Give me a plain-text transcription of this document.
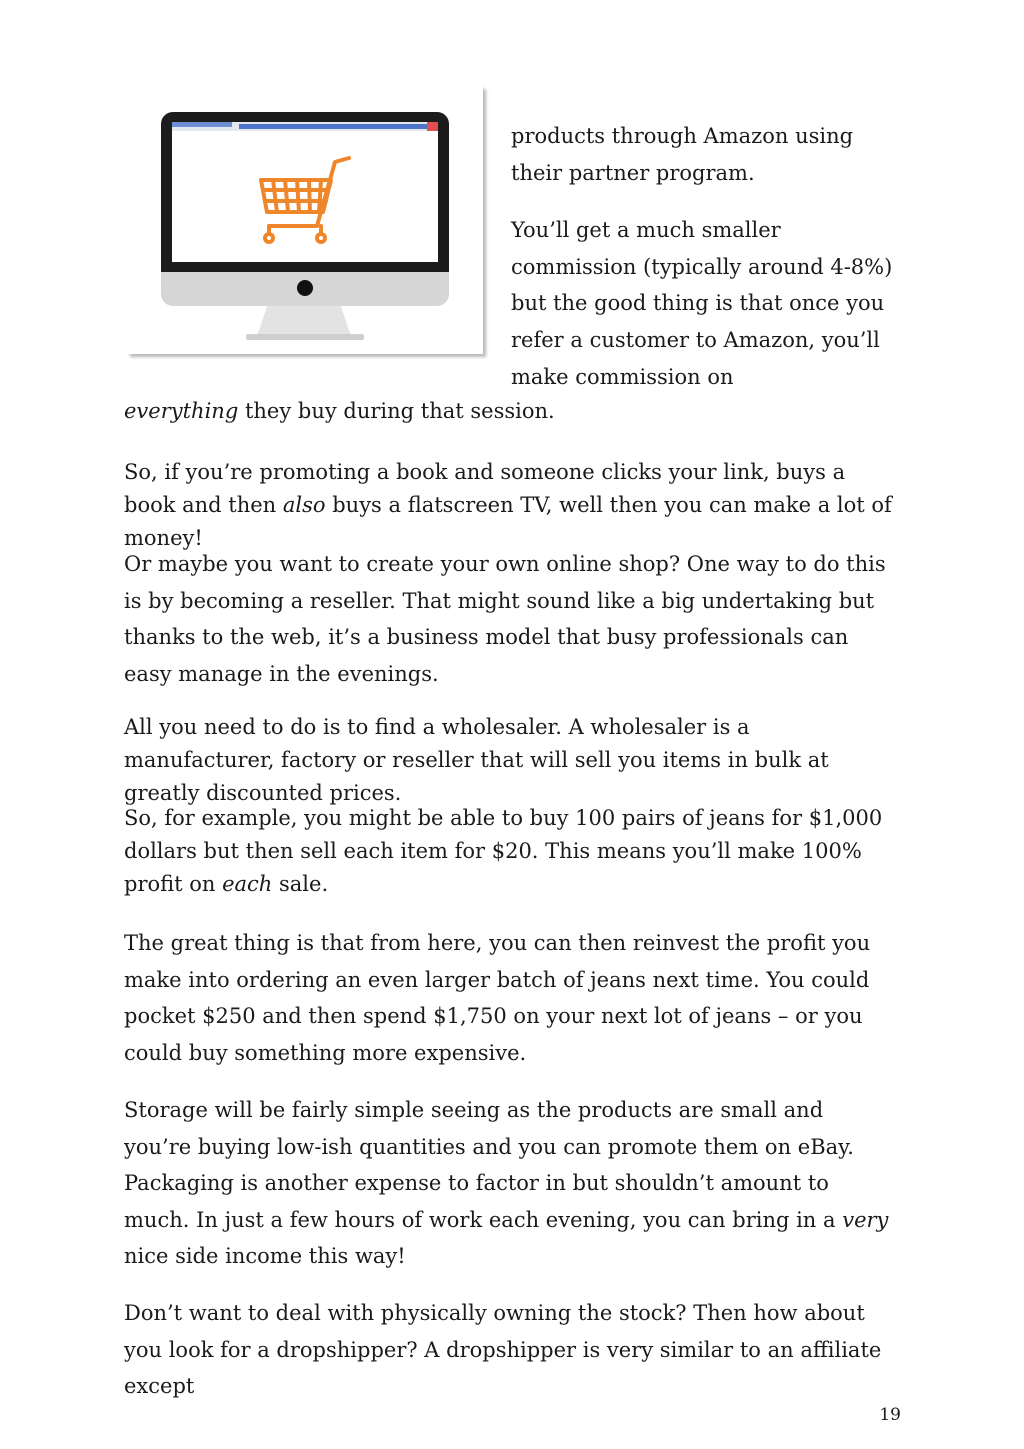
products through Amazon using their partner program.

You’ll get a much smaller commission (typically around 4-8%) but the good thing is that once you refer a customer to Amazon, you’ll make commission on

everything they buy during that session.

So, if you’re promoting a book and someone clicks your link, buys a book and then also buys a flatscreen TV, well then you can make a lot of money!

Or maybe you want to create your own online shop? One way to do this is by becoming a reseller. That might sound like a big undertaking but thanks to the web, it’s a business model that busy professionals can easy manage in the evenings.

All you need to do is to find a wholesaler. A wholesaler is a manufacturer, factory or reseller that will sell you items in bulk at greatly discounted prices.

So, for example, you might be able to buy 100 pairs of jeans for $1,000 dollars but then sell each item for $20. This means you’ll make 100% profit on each sale.

The great thing is that from here, you can then reinvest the profit you make into ordering an even larger batch of jeans next time. You could pocket $250 and then spend $1,750 on your next lot of jeans – or you could buy something more expensive.

Storage will be fairly simple seeing as the products are small and you’re buying low-ish quantities and you can promote them on eBay. Packaging is another expense to factor in but shouldn’t amount to much. In just a few hours of work each evening, you can bring in a very nice side income this way!

Don’t want to deal with physically owning the stock? Then how about you look for a dropshipper? A dropshipper is very similar to an affiliate except

19
